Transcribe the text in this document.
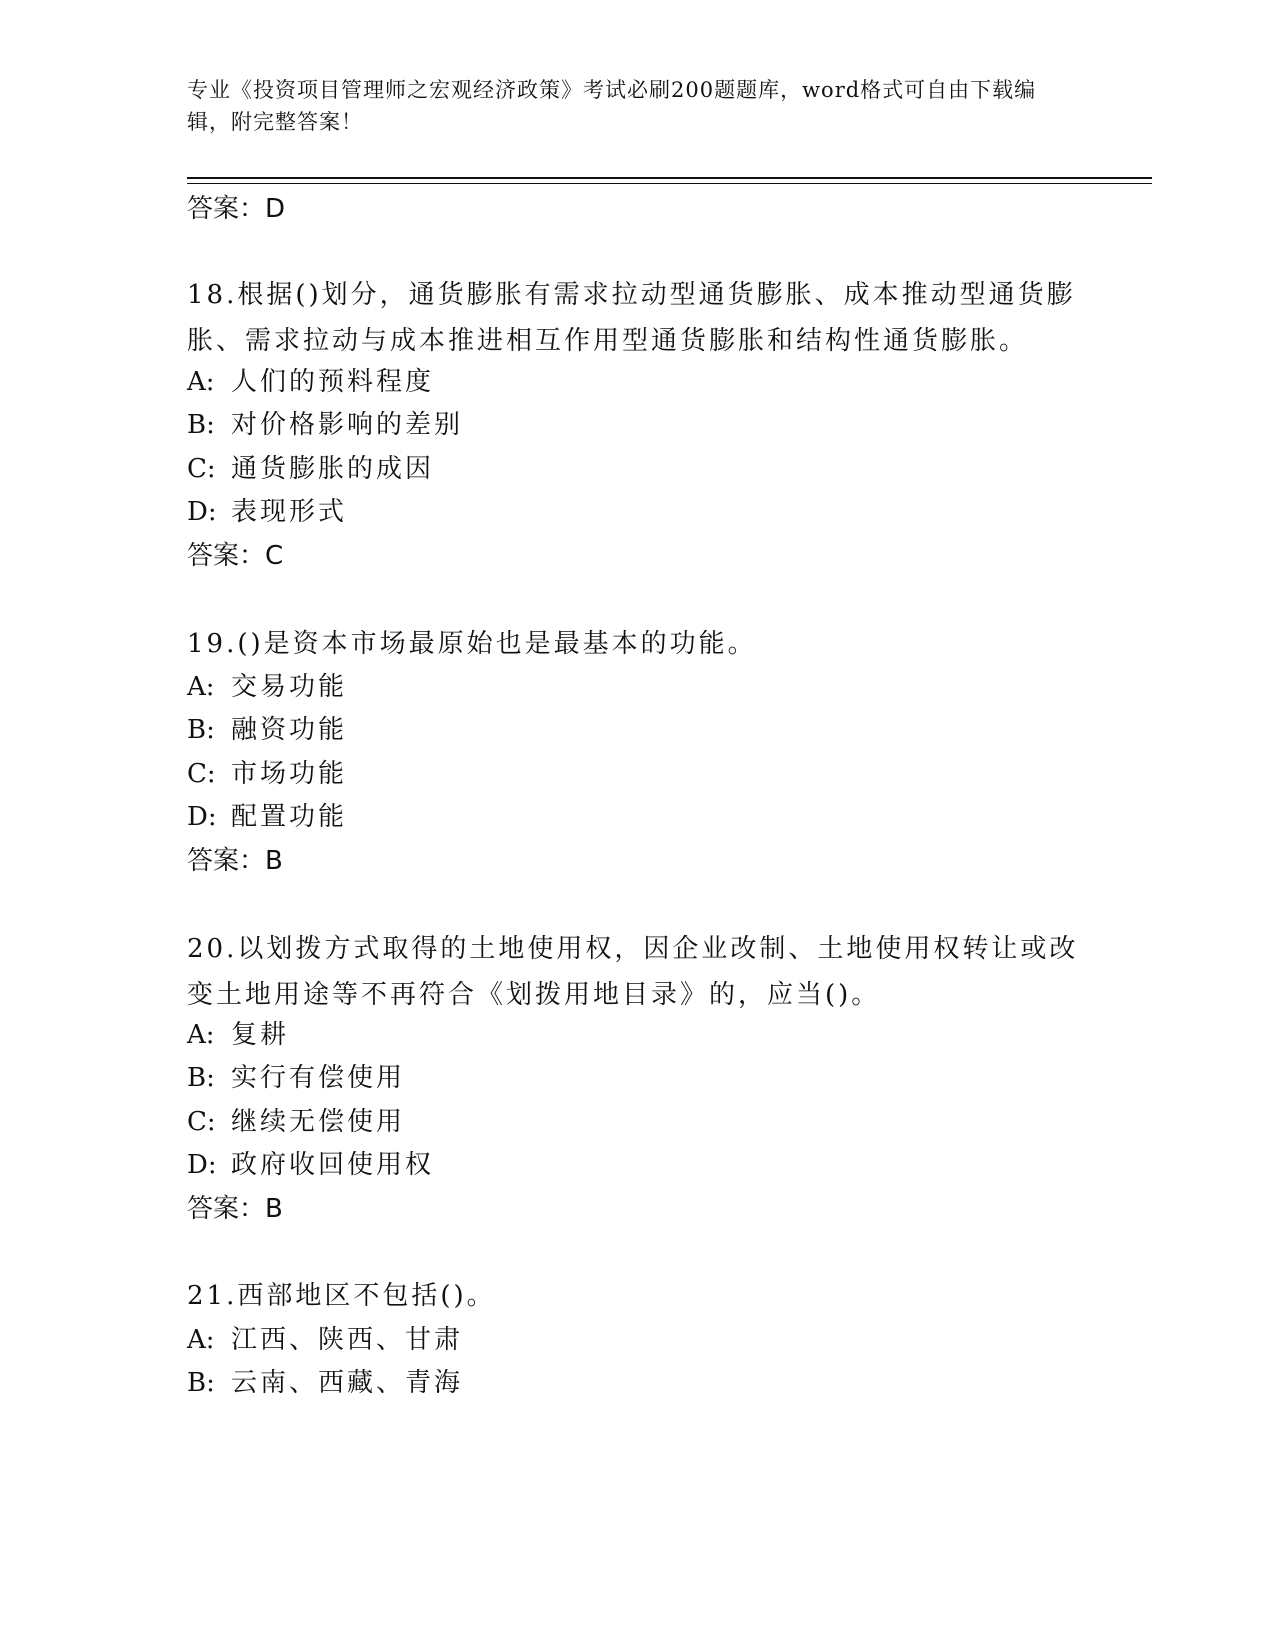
专业《投资项目管理师之宏观经济政策》考试必刷200题题库，word格式可自由下载编辑，附完整答案！
答案：D
18.根据()划分，通货膨胀有需求拉动型通货膨胀、成本推动型通货膨胀、需求拉动与成本推进相互作用型通货膨胀和结构性通货膨胀。
A: 人们的预料程度
B: 对价格影响的差别
C: 通货膨胀的成因
D: 表现形式
答案：C
19.()是资本市场最原始也是最基本的功能。
A: 交易功能
B: 融资功能
C: 市场功能
D: 配置功能
答案：B
20.以划拨方式取得的土地使用权，因企业改制、土地使用权转让或改变土地用途等不再符合《划拨用地目录》的，应当()。
A: 复耕
B: 实行有偿使用
C: 继续无偿使用
D: 政府收回使用权
答案：B
21.西部地区不包括()。
A: 江西、陕西、甘肃
B: 云南、西藏、青海
